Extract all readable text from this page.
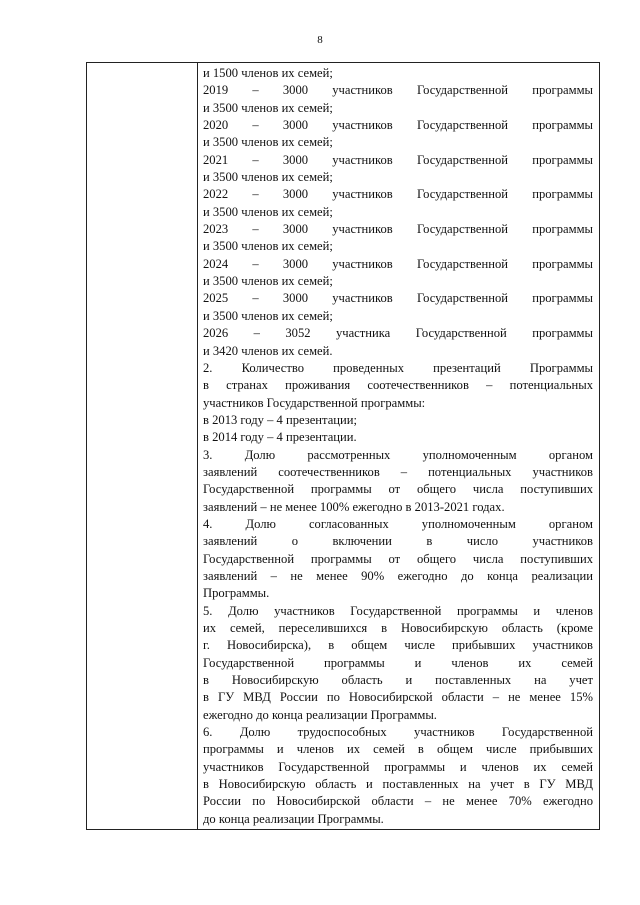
8
и 1500 членов их семей;
2019 – 3000 участников Государственной программы
и 3500 членов их семей;
2020 – 3000 участников Государственной программы
и 3500 членов их семей;
2021 – 3000 участников Государственной программы
и 3500 членов их семей;
2022 – 3000 участников Государственной программы
и 3500 членов их семей;
2023 – 3000 участников Государственной программы
и 3500 членов их семей;
2024 – 3000 участников Государственной программы
и 3500 членов их семей;
2025 – 3000 участников Государственной программы
и 3500 членов их семей;
2026 – 3052 участника Государственной программы
и 3420 членов их семей.
2. Количество проведенных презентаций Программы
в странах проживания соотечественников – потенциальных
участников Государственной программы:
в 2013 году – 4 презентации;
в 2014 году – 4 презентации.
3. Долю рассмотренных уполномоченным органом
заявлений соотечественников – потенциальных участников
Государственной программы от общего числа поступивших
заявлений – не менее 100% ежегодно в 2013-2021 годах.
4. Долю согласованных уполномоченным органом
заявлений о включении в число участников
Государственной программы от общего числа поступивших
заявлений – не менее 90% ежегодно до конца реализации
Программы.
5. Долю участников Государственной программы и членов
их семей, переселившихся в Новосибирскую область (кроме
г. Новосибирска), в общем числе прибывших участников
Государственной программы и членов их семей
в Новосибирскую область и поставленных на учет
в ГУ МВД России по Новосибирской области – не менее 15%
ежегодно до конца реализации Программы.
6. Долю трудоспособных участников Государственной
программы и членов их семей в общем числе прибывших
участников Государственной программы и членов их семей
в Новосибирскую область и поставленных на учет в ГУ МВД
России по Новосибирской области – не менее 70% ежегодно
до конца реализации Программы.
